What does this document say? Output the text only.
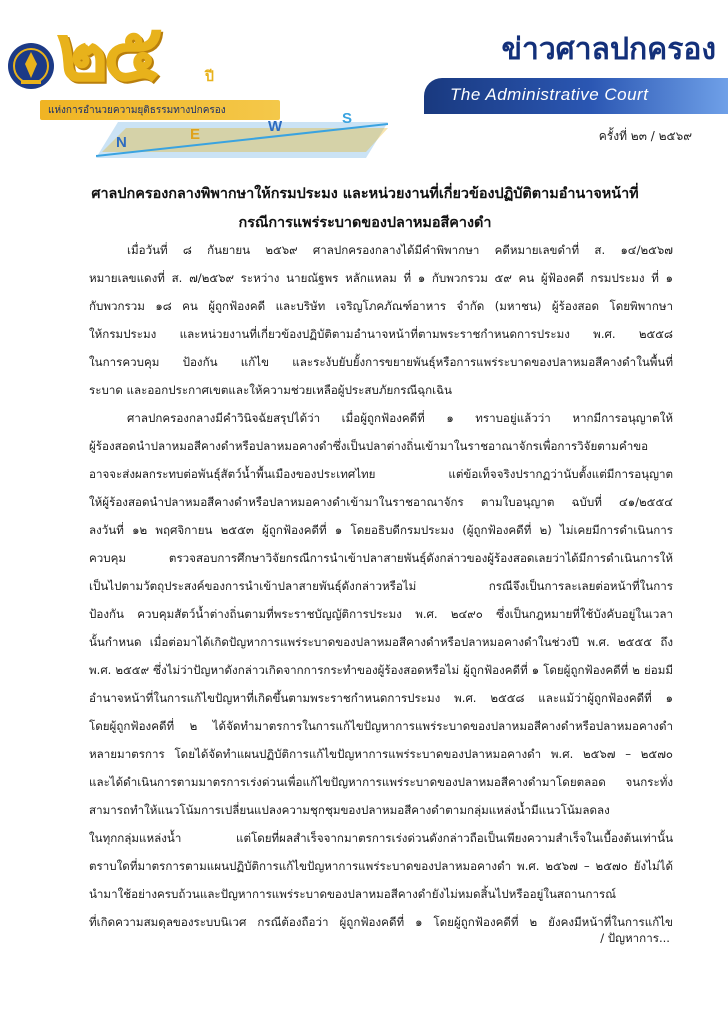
๒๕	ปี
แห่งการอำนวยความยุติธรรมทางปกครอง
N	E	W	S
ข่าวศาลปกครอง
The Administrative Court
ครั้งที่ ๒๓ / ๒๕๖๙
ศาลปกครองกลางพิพากษาให้กรมประมง และหน่วยงานที่เกี่ยวข้องปฏิบัติตามอำนาจหน้าที่
กรณีการแพร่ระบาดของปลาหมอสีคางดำ
เมื่อวันที่ ๘ กันยายน ๒๕๖๙ ศาลปกครองกลางได้มีคำพิพากษา คดีหมายเลขดำที่ ส. ๑๔/๒๕๖๗
หมายเลขแดงที่ ส. ๗/๒๕๖๙ ระหว่าง นายณัฐพร หลักแหลม ที่ ๑ กับพวกรวม ๕๙ คน ผู้ฟ้องคดี กรมประมง ที่ ๑
กับพวกรวม ๑๘ คน ผู้ถูกฟ้องคดี และบริษัท เจริญโภคภัณฑ์อาหาร จำกัด (มหาชน) ผู้ร้องสอด โดยพิพากษา
ให้กรมประมง และหน่วยงานที่เกี่ยวข้องปฏิบัติตามอำนาจหน้าที่ตามพระราชกำหนดการประมง พ.ศ. ๒๕๕๘
ในการควบคุม ป้องกัน แก้ไข และระงับยับยั้งการขยายพันธุ์หรือการแพร่ระบาดของปลาหมอสีคางดำในพื้นที่
ระบาด และออกประกาศเขตและให้ความช่วยเหลือผู้ประสบภัยกรณีฉุกเฉิน
ศาลปกครองกลางมีคำวินิจฉัยสรุปได้ว่า เมื่อผู้ถูกฟ้องคดีที่ ๑ ทราบอยู่แล้วว่า หากมีการอนุญาตให้
ผู้ร้องสอดนำปลาหมอสีคางดำหรือปลาหมอคางดำซึ่งเป็นปลาต่างถิ่นเข้ามาในราชอาณาจักรเพื่อการวิจัยตามคำขอ
อาจจะส่งผลกระทบต่อพันธุ์สัตว์น้ำพื้นเมืองของประเทศไทย แต่ข้อเท็จจริงปรากฏว่านับตั้งแต่มีการอนุญาต
ให้ผู้ร้องสอดนำปลาหมอสีคางดำหรือปลาหมอคางดำเข้ามาในราชอาณาจักร ตามใบอนุญาต ฉบับที่ ๔๑/๒๕๕๔
ลงวันที่ ๑๒ พฤศจิกายน ๒๕๕๓ ผู้ถูกฟ้องคดีที่ ๑ โดยอธิบดีกรมประมง (ผู้ถูกฟ้องคดีที่ ๒) ไม่เคยมีการดำเนินการ
ควบคุม ตรวจสอบการศึกษาวิจัยกรณีการนำเข้าปลาสายพันธุ์ดังกล่าวของผู้ร้องสอดเลยว่าได้มีการดำเนินการให้
เป็นไปตามวัตถุประสงค์ของการนำเข้าปลาสายพันธุ์ดังกล่าวหรือไม่ กรณีจึงเป็นการละเลยต่อหน้าที่ในการ
ป้องกัน ควบคุมสัตว์น้ำต่างถิ่นตามที่พระราชบัญญัติการประมง พ.ศ. ๒๔๙๐ ซึ่งเป็นกฎหมายที่ใช้บังคับอยู่ในเวลา
นั้นกำหนด เมื่อต่อมาได้เกิดปัญหาการแพร่ระบาดของปลาหมอสีคางดำหรือปลาหมอคางดำในช่วงปี พ.ศ. ๒๕๕๕ ถึง
พ.ศ. ๒๕๕๙ ซึ่งไม่ว่าปัญหาดังกล่าวเกิดจากการกระทำของผู้ร้องสอดหรือไม่ ผู้ถูกฟ้องคดีที่ ๑ โดยผู้ถูกฟ้องคดีที่ ๒ ย่อมมี
อำนาจหน้าที่ในการแก้ไขปัญหาที่เกิดขึ้นตามพระราชกำหนดการประมง พ.ศ. ๒๕๕๘ และแม้ว่าผู้ถูกฟ้องคดีที่ ๑
โดยผู้ถูกฟ้องคดีที่ ๒ ได้จัดทำมาตรการในการแก้ไขปัญหาการแพร่ระบาดของปลาหมอสีคางดำหรือปลาหมอคางดำ
หลายมาตรการ โดยได้จัดทำแผนปฏิบัติการแก้ไขปัญหาการแพร่ระบาดของปลาหมอคางดำ พ.ศ. ๒๕๖๗ – ๒๕๗๐
และได้ดำเนินการตามมาตรการเร่งด่วนเพื่อแก้ไขปัญหาการแพร่ระบาดของปลาหมอสีคางดำมาโดยตลอด จนกระทั่ง
สามารถทำให้แนวโน้มการเปลี่ยนแปลงความชุกชุมของปลาหมอสีคางดำตามกลุ่มแหล่งน้ำมีแนวโน้มลดลง
ในทุกกลุ่มแหล่งน้ำ แต่โดยที่ผลสำเร็จจากมาตรการเร่งด่วนดังกล่าวถือเป็นเพียงความสำเร็จในเบื้องต้นเท่านั้น
ตราบใดที่มาตรการตามแผนปฏิบัติการแก้ไขปัญหาการแพร่ระบาดของปลาหมอคางดำ พ.ศ. ๒๕๖๗ – ๒๕๗๐ ยังไม่ได้
นำมาใช้อย่างครบถ้วนและปัญหาการแพร่ระบาดของปลาหมอสีคางดำยังไม่หมดสิ้นไปหรืออยู่ในสถานการณ์
ที่เกิดความสมดุลของระบบนิเวศ กรณีต้องถือว่า ผู้ถูกฟ้องคดีที่ ๑ โดยผู้ถูกฟ้องคดีที่ ๒ ยังคงมีหน้าที่ในการแก้ไข
/ ปัญหาการ...
